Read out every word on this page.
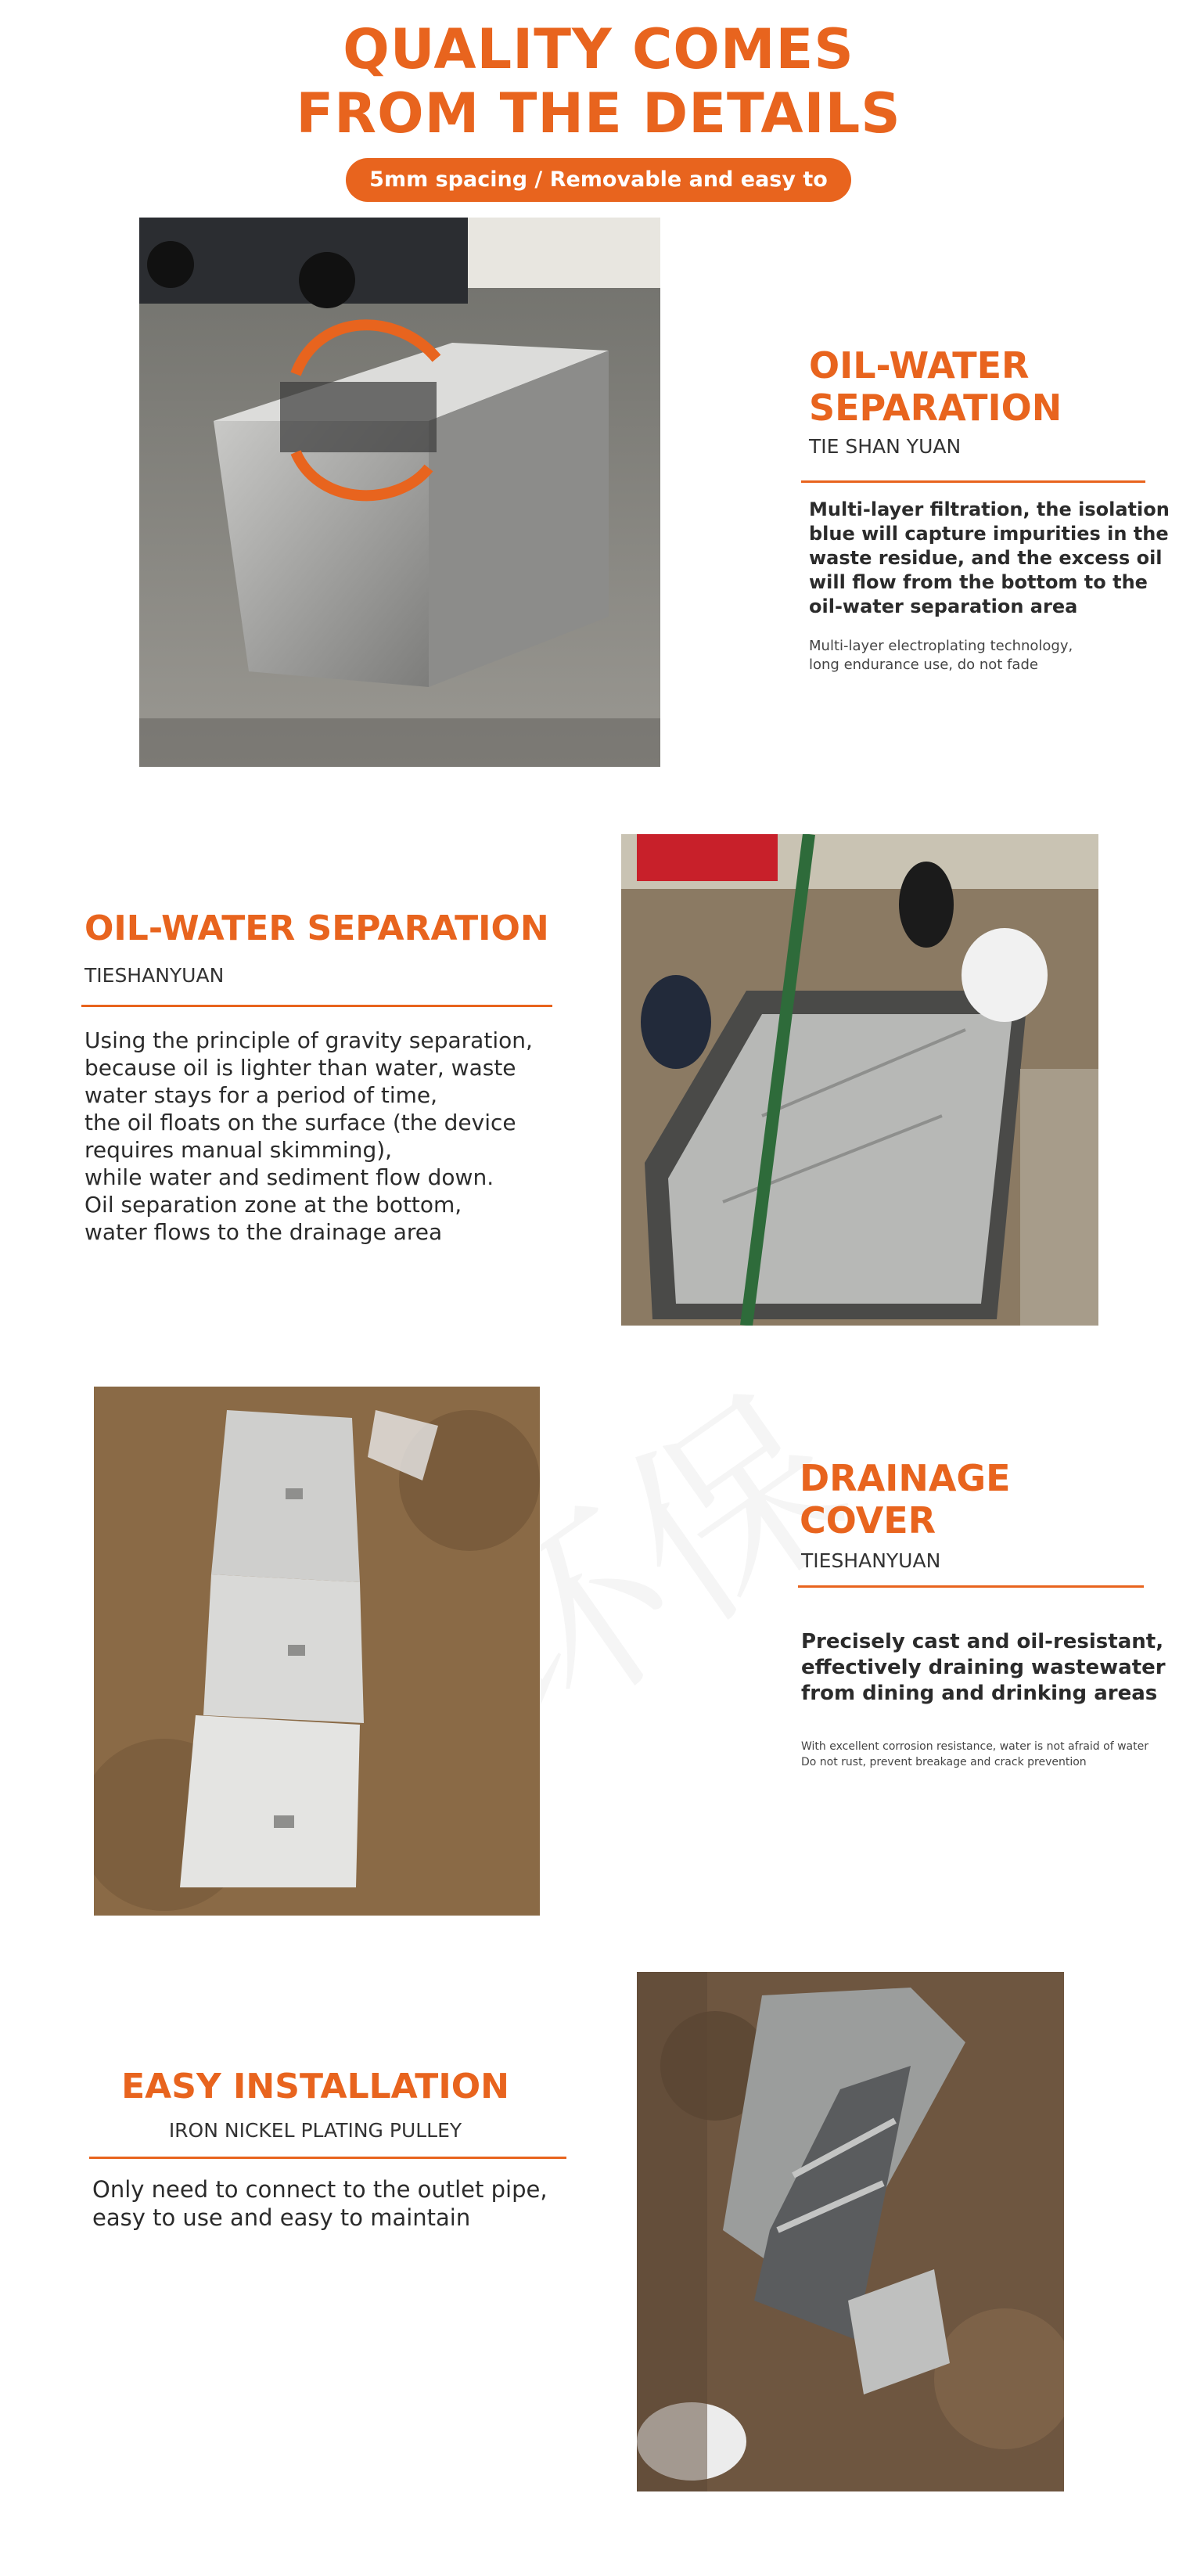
QUALITY COMES
FROM THE DETAILS
5mm spacing / Removable and easy to
OIL-WATER
SEPARATION
TIE SHAN YUAN
Multi-layer filtration, the isolation
blue will capture impurities in the
waste residue, and the excess oil
will flow from the bottom to the
oil-water separation area
Multi-layer electroplating technology,
long endurance use, do not fade
OIL-WATER SEPARATION
TIESHANYUAN
Using the principle of gravity separation,
because oil is lighter than water, waste
water stays for a period of time,
the oil floats on the surface (the device
requires manual skimming),
while water and sediment flow down.
Oil separation zone at the bottom,
water flows to the drainage area
DRAINAGE
COVER
TIESHANYUAN
Precisely cast and oil-resistant,
effectively draining wastewater
from dining and drinking areas
With excellent corrosion resistance, water is not afraid of water
Do not rust, prevent breakage and crack prevention
EASY INSTALLATION
IRON NICKEL PLATING PULLEY
Only need to connect to the outlet pipe,
easy to use and easy to maintain
